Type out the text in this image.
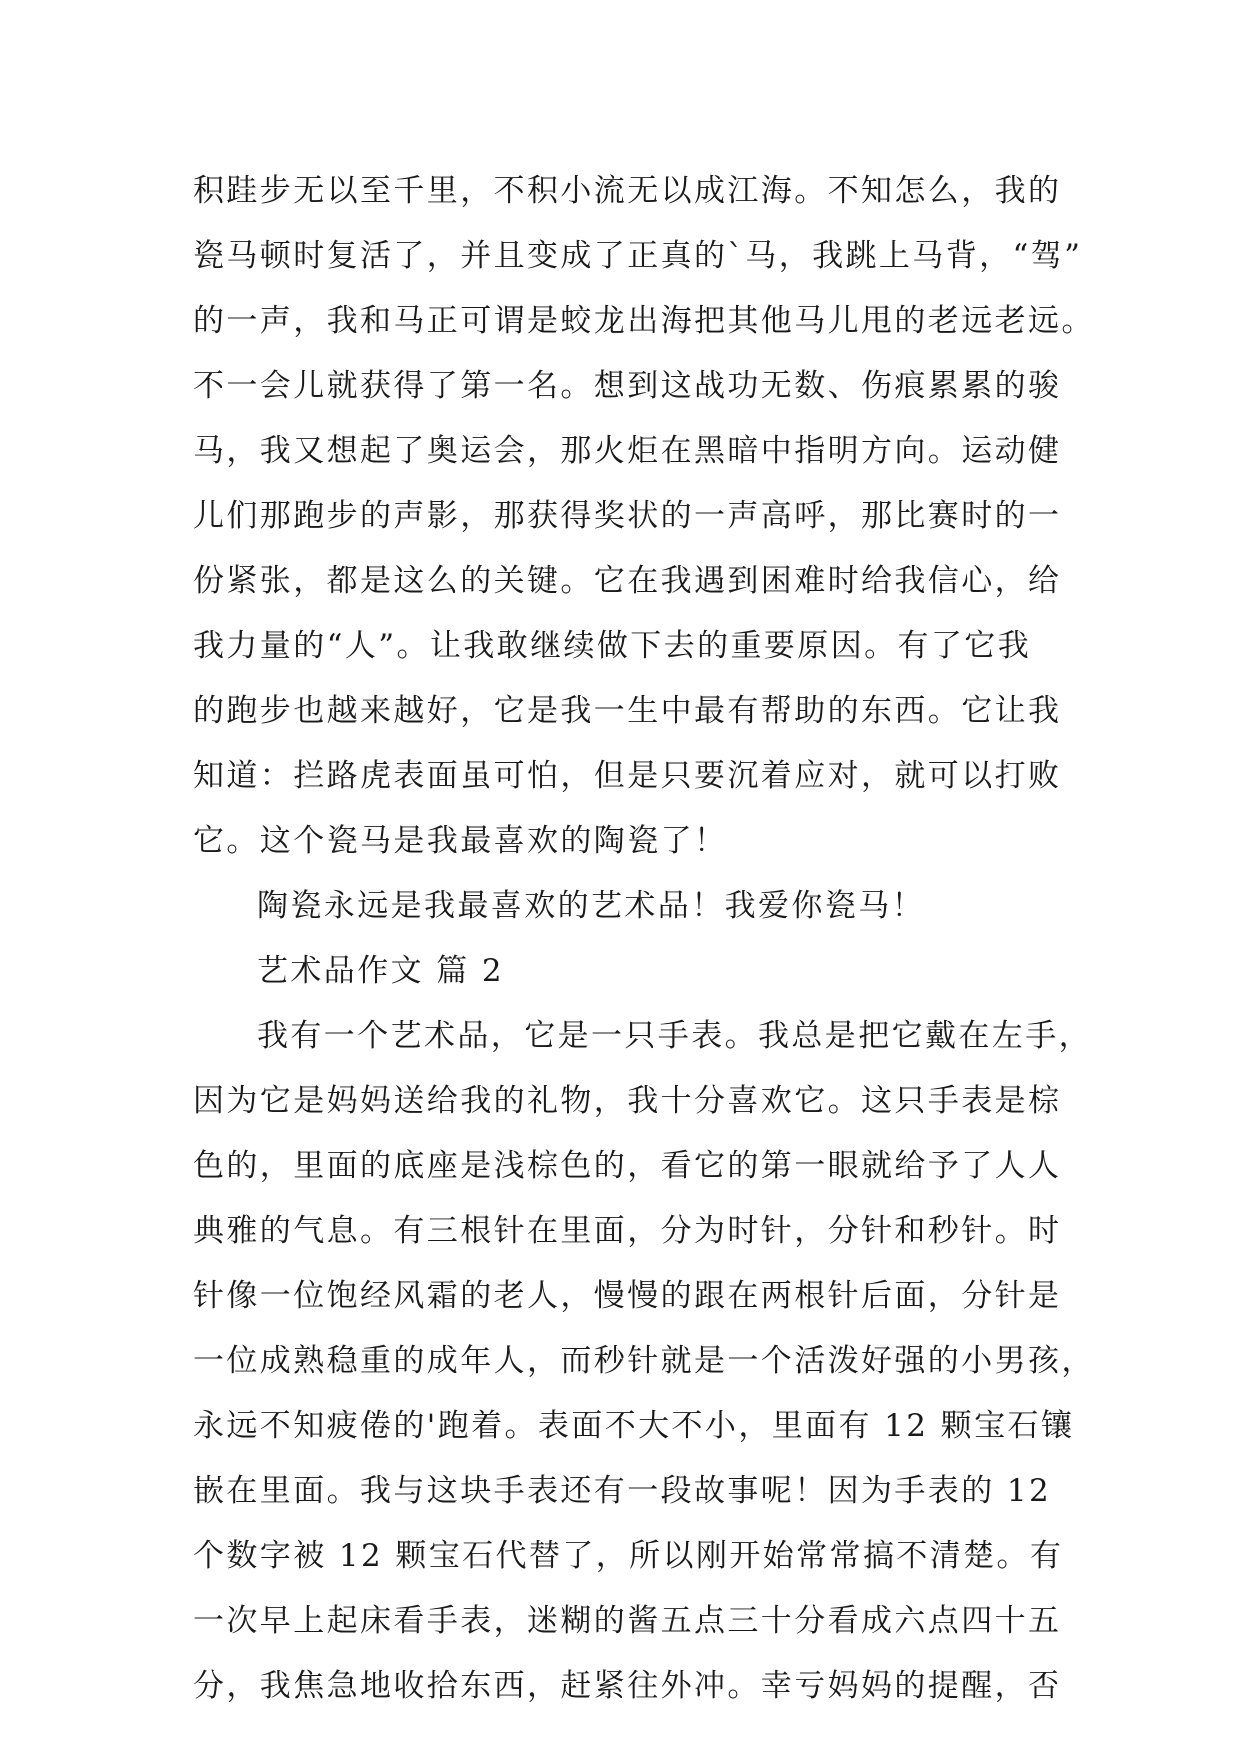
积跬步无以至千里，不积小流无以成江海。不知怎么，我的
瓷马顿时复活了，并且变成了正真的`马，我跳上马背，“驾”
的一声，我和马正可谓是蛟龙出海把其他马儿甩的老远老远。
不一会儿就获得了第一名。想到这战功无数、伤痕累累的骏
马，我又想起了奥运会，那火炬在黑暗中指明方向。运动健
儿们那跑步的声影，那获得奖状的一声高呼，那比赛时的一
份紧张，都是这么的关键。它在我遇到困难时给我信心，给
我力量的“人”。让我敢继续做下去的重要原因。有了它我
的跑步也越来越好，它是我一生中最有帮助的东西。它让我
知道：拦路虎表面虽可怕，但是只要沉着应对，就可以打败
它。这个瓷马是我最喜欢的陶瓷了！
陶瓷永远是我最喜欢的艺术品！我爱你瓷马！
艺术品作文 篇 2
我有一个艺术品，它是一只手表。我总是把它戴在左手，
因为它是妈妈送给我的礼物，我十分喜欢它。这只手表是棕
色的，里面的底座是浅棕色的，看它的第一眼就给予了人人
典雅的气息。有三根针在里面，分为时针，分针和秒针。时
针像一位饱经风霜的老人，慢慢的跟在两根针后面，分针是
一位成熟稳重的成年人，而秒针就是一个活泼好强的小男孩，
永远不知疲倦的'跑着。表面不大不小，里面有 12 颗宝石镶
嵌在里面。我与这块手表还有一段故事呢！因为手表的 12
个数字被 12 颗宝石代替了，所以刚开始常常搞不清楚。有
一次早上起床看手表，迷糊的酱五点三十分看成六点四十五
分，我焦急地收拾东西，赶紧往外冲。幸亏妈妈的提醒，否
